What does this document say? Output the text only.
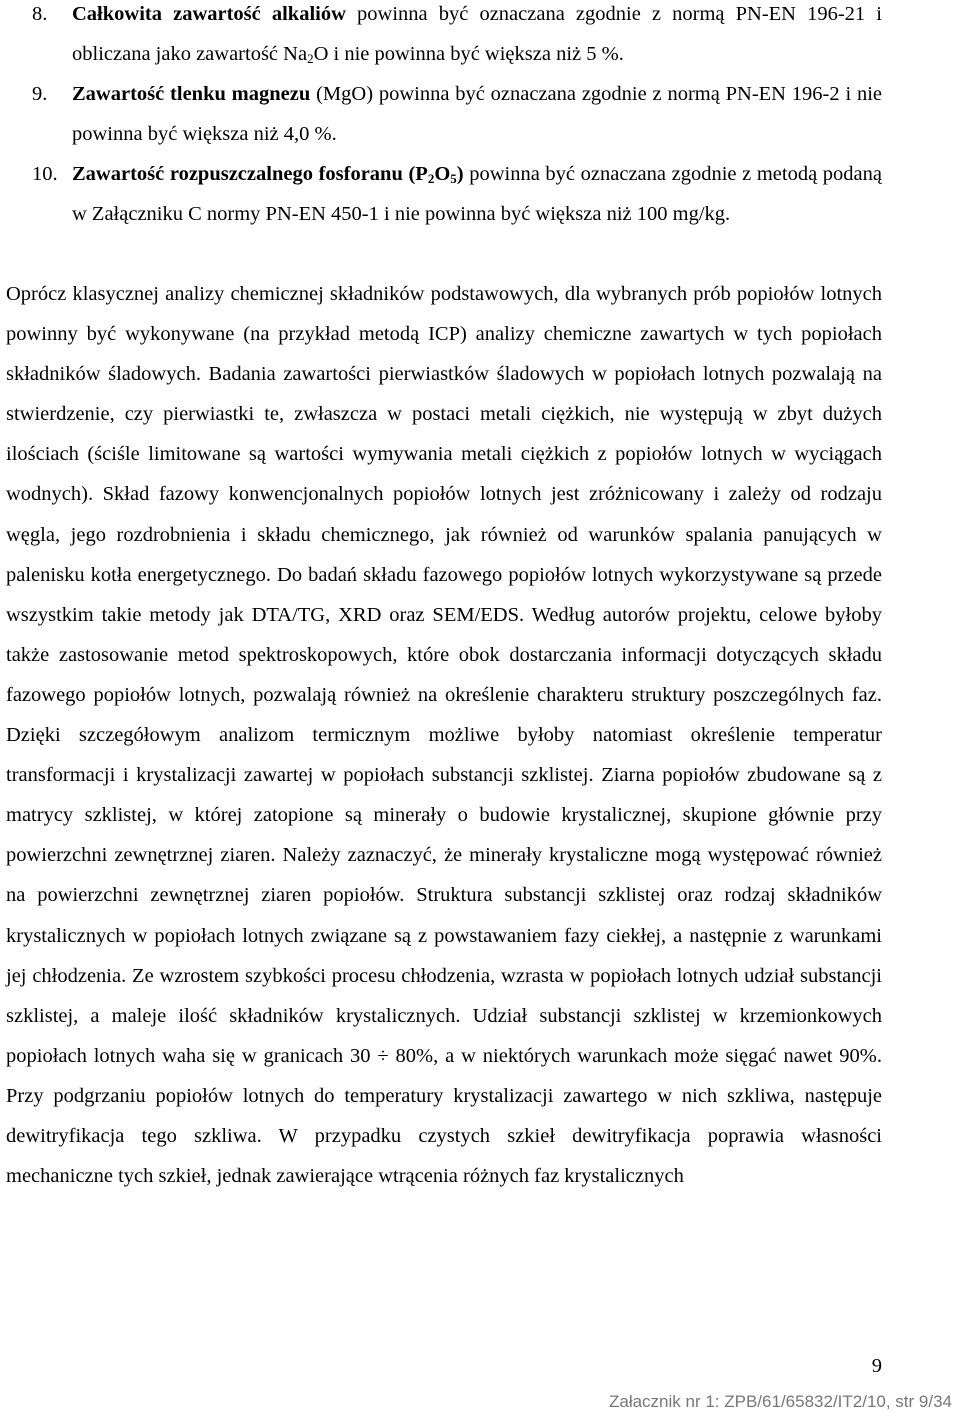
8. Całkowita zawartość alkaliów powinna być oznaczana zgodnie z normą PN-EN 196-21 i obliczana jako zawartość $Na_2O$ i nie powinna być większa niż 5 %.
9. Zawartość tlenku magnezu (MgO) powinna być oznaczana zgodnie z normą PN-EN 196-2 i nie powinna być większa niż 4,0 %.
10. Zawartość rozpuszczalnego fosforanu $(P_2O_5)$ powinna być oznaczana zgodnie z metodą podaną w Załączniku C normy PN-EN 450-1 i nie powinna być większa niż 100 mg/kg.

Oprócz klasycznej analizy chemicznej składników podstawowych, dla wybranych prób popiołów lotnych powinny być wykonywane (na przykład metodą ICP) analizy chemiczne zawartych w tych popiołach składników śladowych. Badania zawartości pierwiastków śladowych w popiołach lotnych pozwalają na stwierdzenie, czy pierwiastki te, zwłaszcza w postaci metali ciężkich, nie występują w zbyt dużych ilościach (ściśle limitowane są wartości wymywania metali ciężkich z popiołów lotnych w wyciągach wodnych). Skład fazowy konwencjonalnych popiołów lotnych jest zróżnicowany i zależy od rodzaju węgla, jego rozdrobnienia i składu chemicznego, jak również od warunków spalania panujących w palenisku kotła energetycznego. Do badań składu fazowego popiołów lotnych wykorzystywane są przede wszystkim takie metody jak DTA/TG, XRD oraz SEM/EDS. Według autorów projektu, celowe byłoby także zastosowanie metod spektroskopowych, które obok dostarczania informacji dotyczących składu fazowego popiołów lotnych, pozwalają również na określenie charakteru struktury poszczególnych faz. Dzięki szczegółowym analizom termicznym możliwe byłoby natomiast określenie temperatur transformacji i krystalizacji zawartej w popiołach substancji szklistej. Ziarna popiołów zbudowane są z matrycy szklistej, w której zatopione są minerały o budowie krystalicznej, skupione głównie przy powierzchni zewnętrznej ziaren. Należy zaznaczyć, że minerały krystaliczne mogą występować również na powierzchni zewnętrznej ziaren popiołów. Struktura substancji szklistej oraz rodzaj składników krystalicznych w popiołach lotnych związane są z powstawaniem fazy ciekłej, a następnie z warunkami jej chłodzenia. Ze wzrostem szybkości procesu chłodzenia, wzrasta w popiołach lotnych udział substancji szklistej, a maleje ilość składników krystalicznych. Udział substancji szklistej w krzemionkowych popiołach lotnych waha się w granicach 30 ÷ 80%, a w niektórych warunkach może sięgać nawet 90%. Przy podgrzaniu popiołów lotnych do temperatury krystalizacji zawartego w nich szkliwa, następuje dewitryfikacja tego szkliwa. W przypadku czystych szkieł dewitryfikacja poprawia własności mechaniczne tych szkieł, jednak zawierające wtrącenia różnych faz krystalicznych

9
Załacznik nr 1: ZPB/61/65832/IT2/10, str 9/34
